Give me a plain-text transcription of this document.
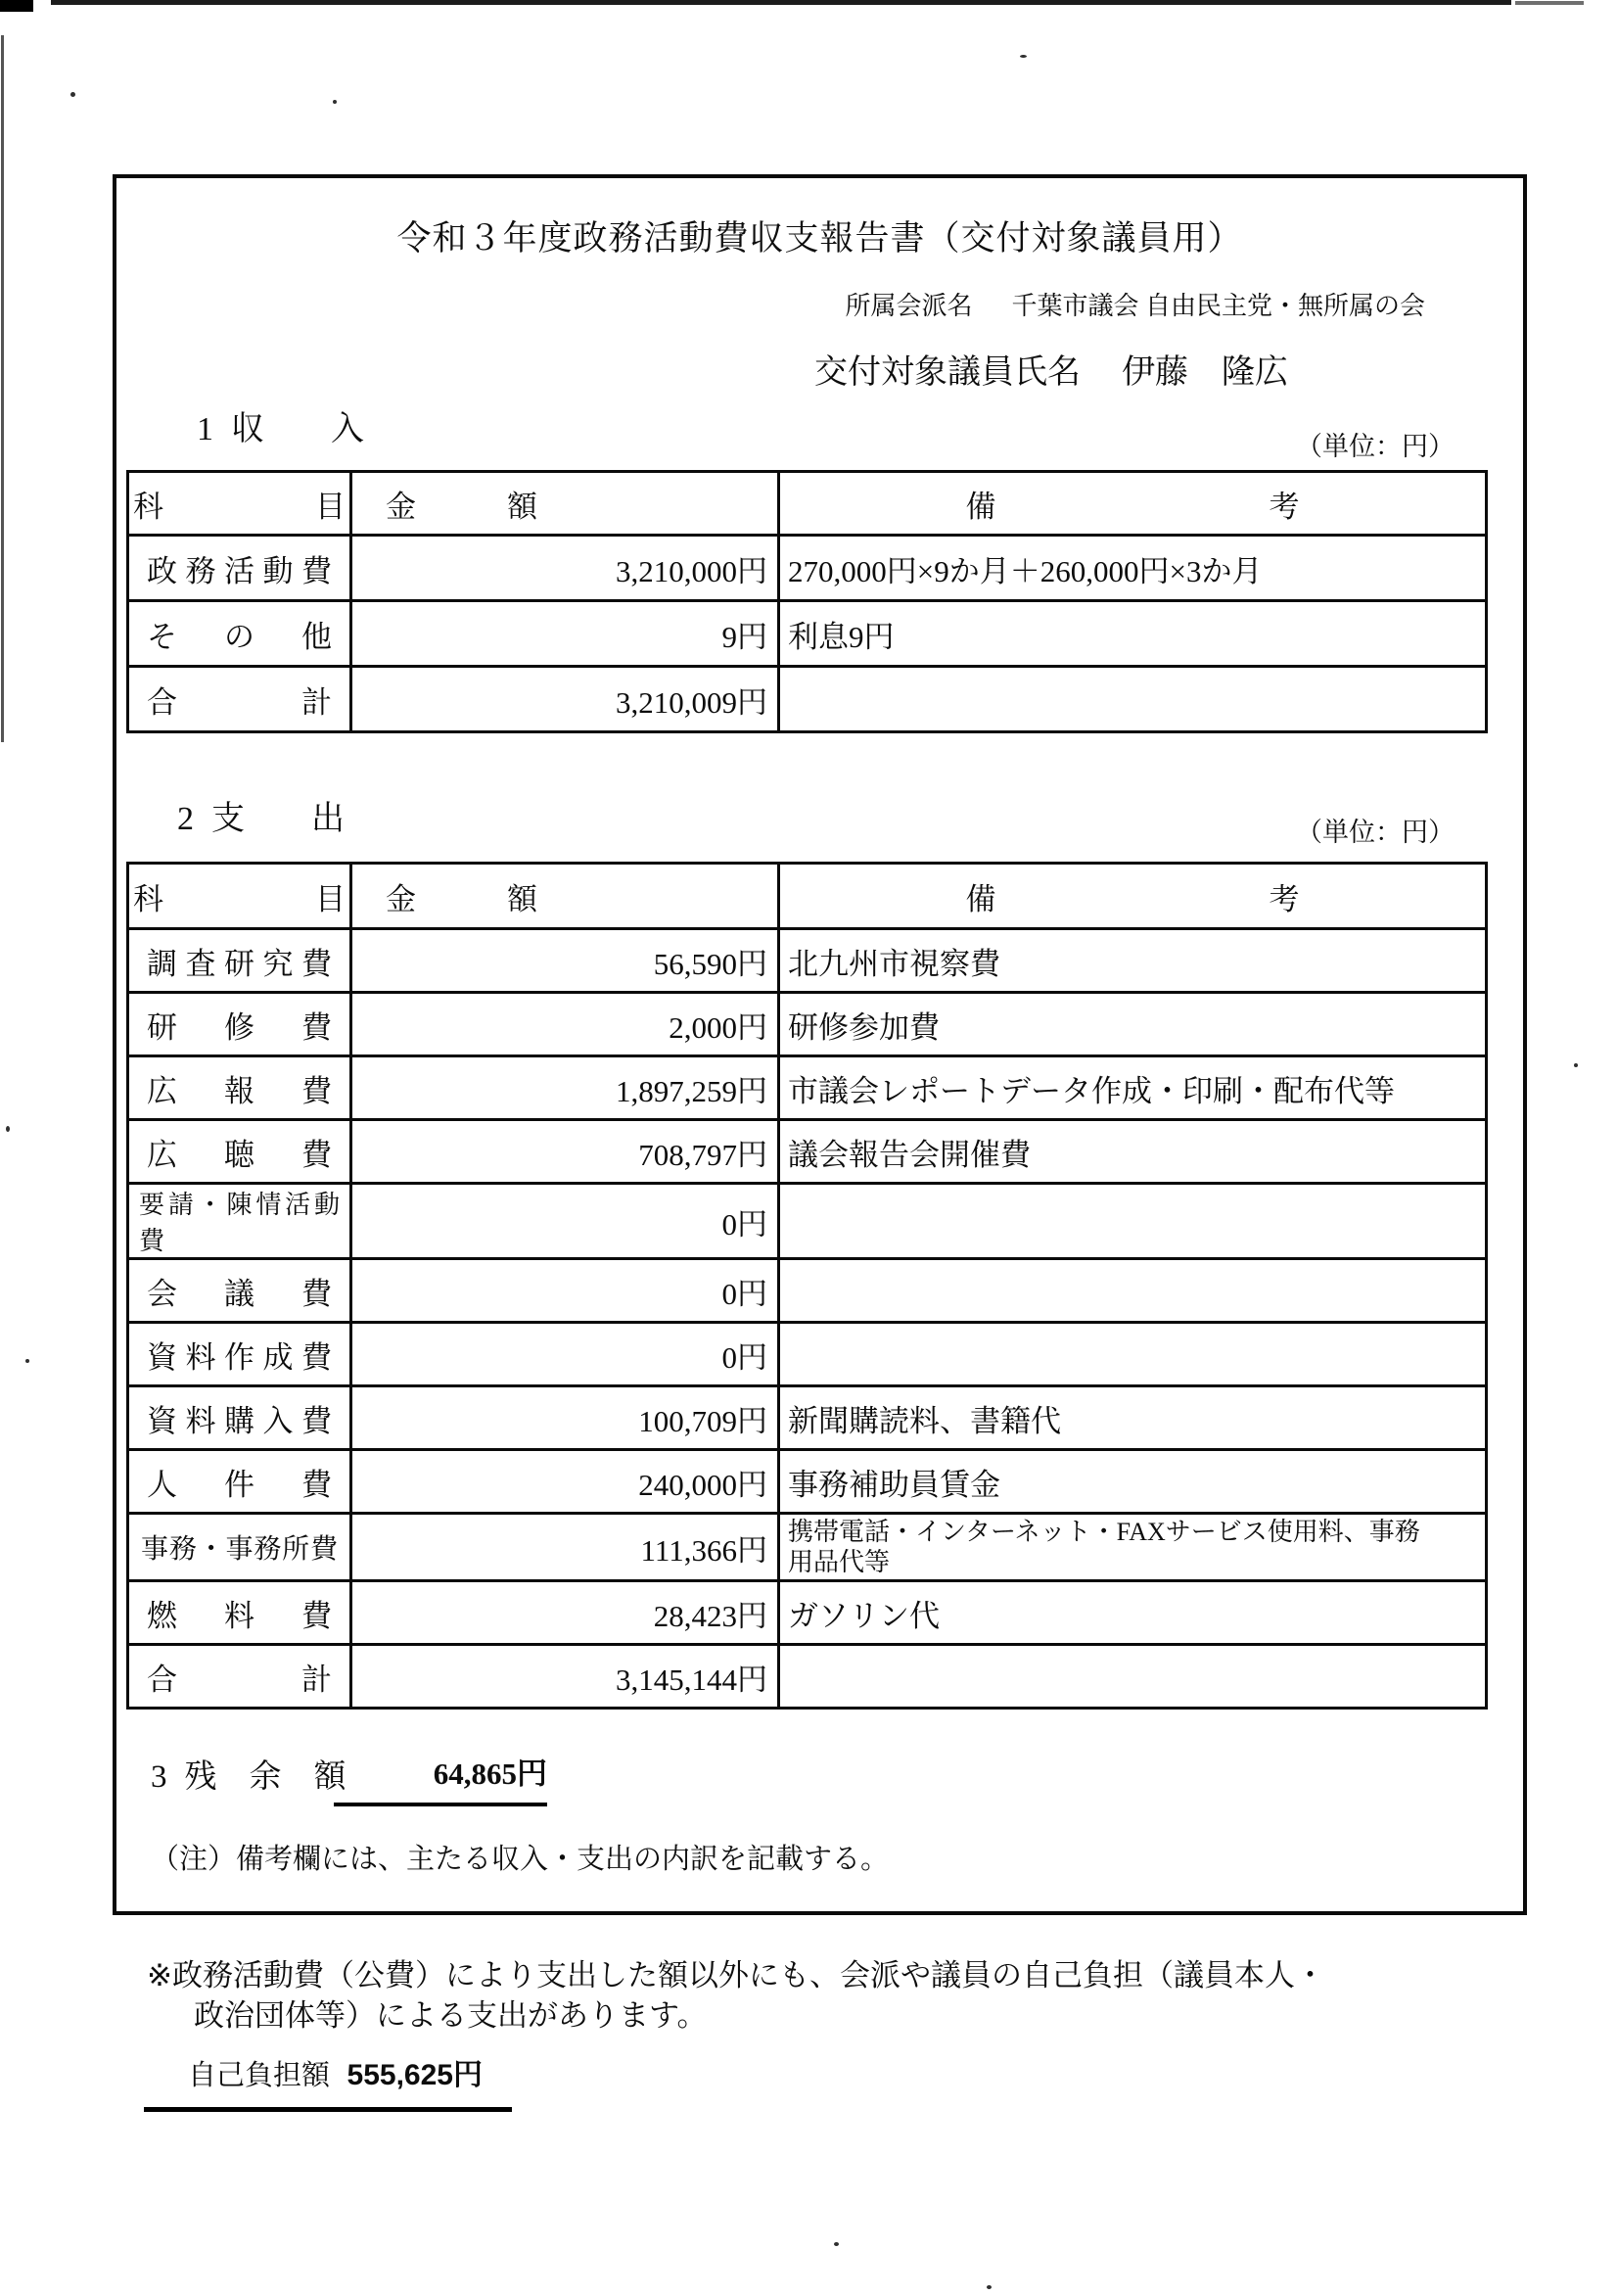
令和３年度政務活動費収支報告書（交付対象議員用）
所属会派名 千葉市議会 自由民主党・無所属の会
交付対象議員氏名 伊藤　隆広
1 収　　入	（単位：円）
科　　　　　目	金　　　額	備　　　　　　　　　考
政務活動費	3,210,000円	270,000円×9か月＋260,000円×3か月
その他	9円	利息9円
合計	3,210,009円	
2 支　　出	（単位：円）
科　　　　　目	金　　　額	備　　　　　　　　　考
調査研究費	56,590円	北九州市視察費
研修費	2,000円	研修参加費
広報費	1,897,259円	市議会レポートデータ作成・印刷・配布代等
広聴費	708,797円	議会報告会開催費
要請・陳情活動費	0円	
会議費	0円	
資料作成費	0円	
資料購入費	100,709円	新聞購読料、書籍代
人件費	240,000円	事務補助員賃金
事務・事務所費	111,366円	携帯電話・インターネット・FAXサービス使用料、事務用品代等
燃料費	28,423円	ガソリン代
合計	3,145,144円	
3 残　余　額	64,865円
（注）備考欄には、主たる収入・支出の内訳を記載する。
※政務活動費（公費）により支出した額以外にも、会派や議員の自己負担（議員本人・
政治団体等）による支出があります。
自己負担額 555,625円
